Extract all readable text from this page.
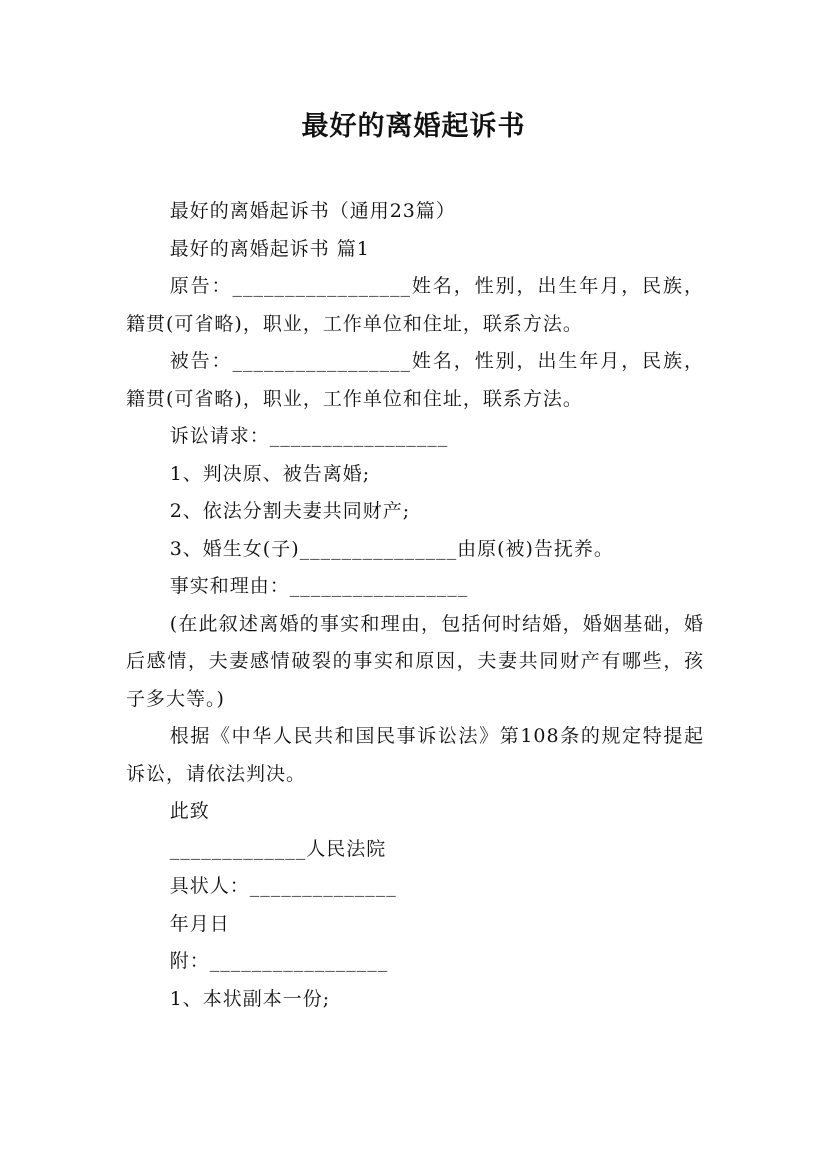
最好的离婚起诉书

最好的离婚起诉书（通用23篇）

最好的离婚起诉书 篇1

原告：_________________姓名，性别，出生年月，民族，籍贯(可省略)，职业，工作单位和住址，联系方法。

被告：_________________姓名，性别，出生年月，民族，籍贯(可省略)，职业，工作单位和住址，联系方法。

诉讼请求：_________________

1、判决原、被告离婚;

2、依法分割夫妻共同财产;

3、婚生女(子)_______________由原(被)告抚养。

事实和理由：_________________

(在此叙述离婚的事实和理由，包括何时结婚，婚姻基础，婚后感情，夫妻感情破裂的事实和原因，夫妻共同财产有哪些，孩子多大等。)

根据《中华人民共和国民事诉讼法》第108条的规定特提起诉讼，请依法判决。

此致

_____________人民法院

具状人：______________

年月日

附：_________________

1、本状副本一份;
